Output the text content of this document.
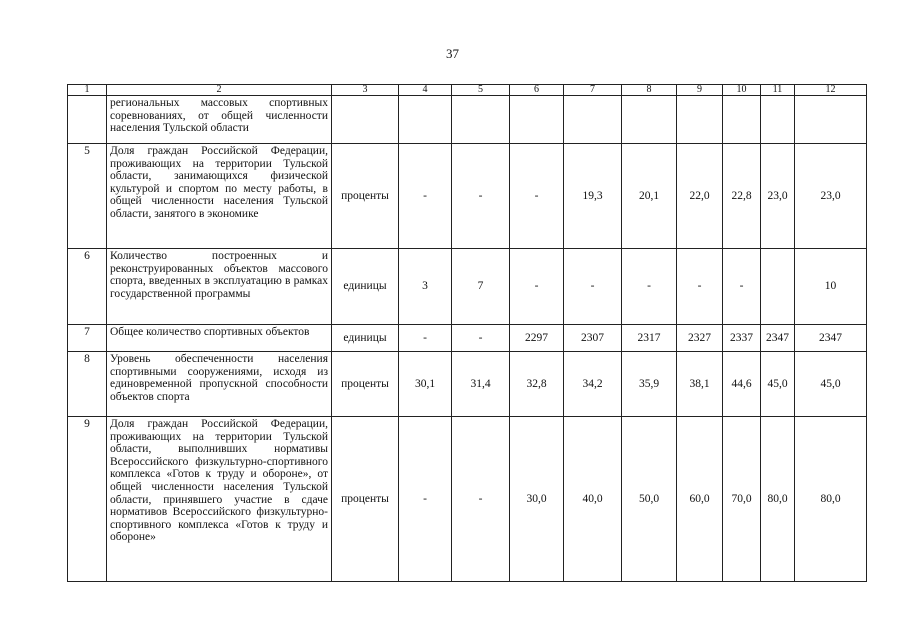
37
1	2	3	4	5	6	7	8	9	10	11	12
	региональных массовых спортивных соревнованиях, от общей численности населения Тульской области										
5	Доля граждан Российской Федерации, проживающих на территории Тульской области, занимающихся физической культурой и спортом по месту работы, в общей численности населения Тульской области, занятого в экономике	проценты	-	-	-	19,3	20,1	22,0	22,8	23,0	23,0
6	Количество построенных и реконструированных объектов массового спорта, введенных в эксплуатацию в рамках государственной программы	единицы	3	7	-	-	-	-	-		10
7	Общее количество спортивных объектов	единицы	-	-	2297	2307	2317	2327	2337	2347	2347
8	Уровень обеспеченности населения спортивными сооружениями, исходя из единовременной пропускной способности объектов спорта	проценты	30,1	31,4	32,8	34,2	35,9	38,1	44,6	45,0	45,0
9	Доля граждан Российской Федерации, проживающих на территории Тульской области, выполнивших нормативы Всероссийского физкультурно-спортивного комплекса «Готов к труду и обороне», от общей численности населения Тульской области, принявшего участие в сдаче нормативов Всероссийского физкультурно-спортивного комплекса «Готов к труду и обороне»	проценты	-	-	30,0	40,0	50,0	60,0	70,0	80,0	80,0
